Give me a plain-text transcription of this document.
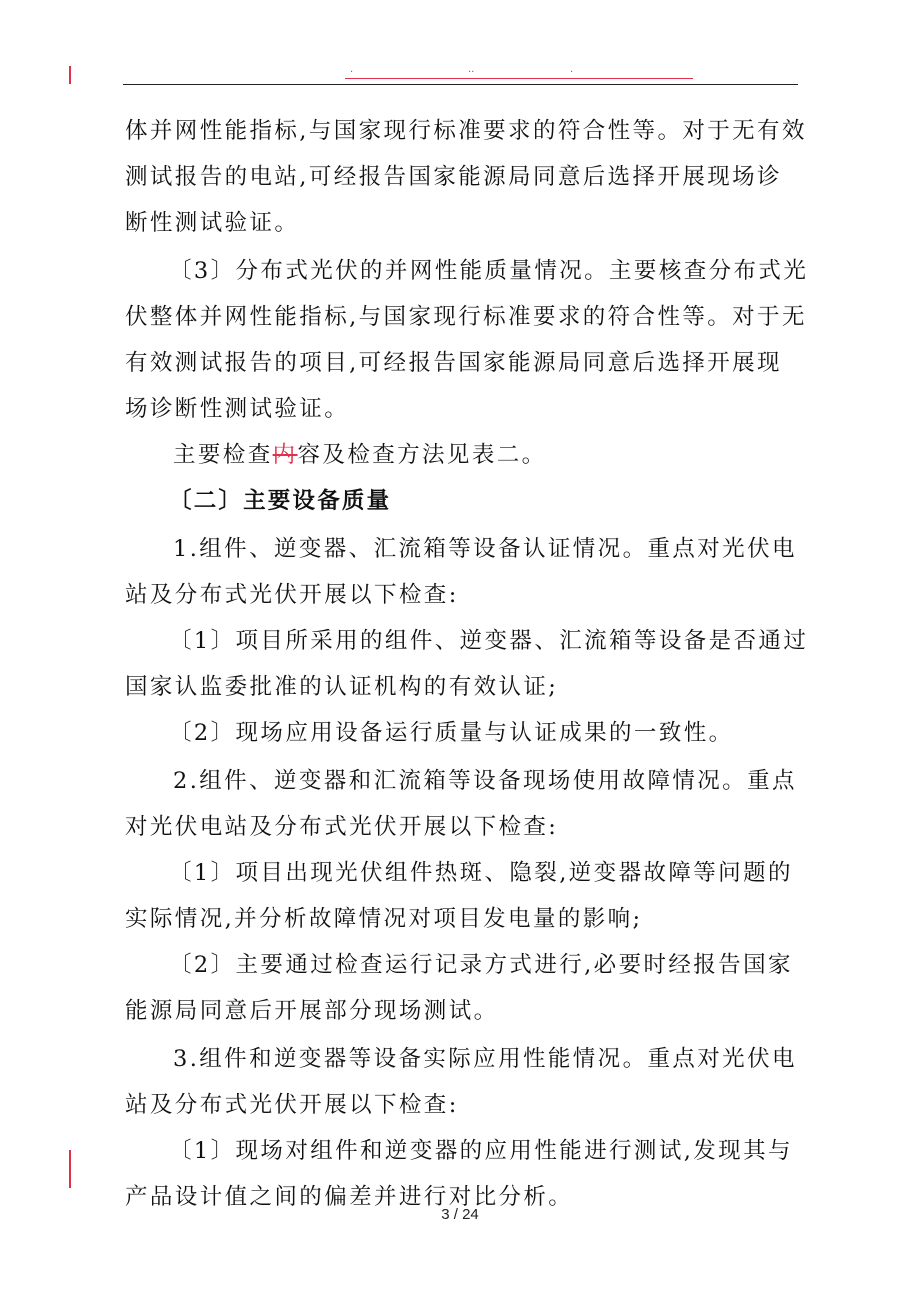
.	..	.
体并网性能指标,与国家现行标准要求的符合性等。对于无有效
测试报告的电站,可经报告国家能源局同意后选择开展现场诊
断性测试验证。
〔3〕分布式光伏的并网性能质量情况。主要核查分布式光
伏整体并网性能指标,与国家现行标准要求的符合性等。对于无
有效测试报告的项目,可经报告国家能源局同意后选择开展现
场诊断性测试验证。
主要检查内容及检查方法见表二。
〔二〕主要设备质量
1.组件、逆变器、汇流箱等设备认证情况。重点对光伏电
站及分布式光伏开展以下检查:
〔1〕项目所采用的组件、逆变器、汇流箱等设备是否通过
国家认监委批准的认证机构的有效认证;
〔2〕现场应用设备运行质量与认证成果的一致性。
2.组件、逆变器和汇流箱等设备现场使用故障情况。重点
对光伏电站及分布式光伏开展以下检查:
〔1〕项目出现光伏组件热斑、隐裂,逆变器故障等问题的
实际情况,并分析故障情况对项目发电量的影响;
〔2〕主要通过检查运行记录方式进行,必要时经报告国家
能源局同意后开展部分现场测试。
3.组件和逆变器等设备实际应用性能情况。重点对光伏电
站及分布式光伏开展以下检查:
〔1〕现场对组件和逆变器的应用性能进行测试,发现其与
产品设计值之间的偏差并进行对比分析。
3 / 24
